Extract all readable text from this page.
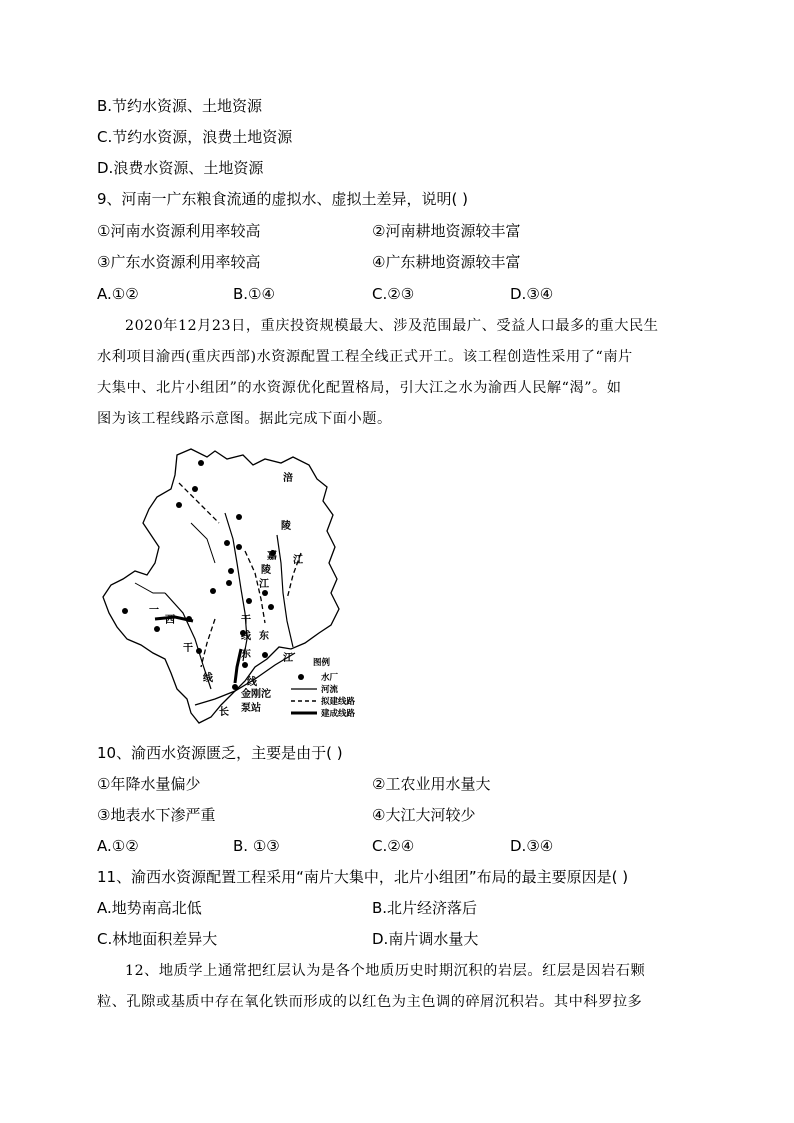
B.节约水资源、土地资源
C.节约水资源，浪费土地资源
D.浪费水资源、土地资源
9、河南一广东粮食流通的虚拟水、虚拟土差异，说明( )
①河南水资源利用率较高	②河南耕地资源较丰富
③广东水资源利用率较高	④广东耕地资源较丰富
A.①②	B.①④	C.②③	D.③④
2020年12月23日，重庆投资规模最大、涉及范围最广、受益人口最多的重大民生
水利项目渝西(重庆西部)水资源配置工程全线正式开工。该工程创造性采用了“南片
大集中、北片小组团”的水资源优化配置格局，引大江之水为渝西人民解“渴”。如
图为该工程线路示意图。据此完成下面小题。
涪
陵
江
嘉
陵
江
干
线 东
江
西
干
线
一
长
东
线
金刚沱
泵站
图例
水厂
河流
拟建线路
建成线路
10、渝西水资源匮乏，主要是由于( )
①年降水量偏少	②工农业用水量大
③地表水下渗严重	④大江大河较少
A.①②	B. ①③	C.②④	D.③④
11、渝西水资源配置工程采用“南片大集中，北片小组团”布局的最主要原因是( )
A.地势南高北低	B.北片经济落后
C.林地面积差异大	D.南片调水量大
12、地质学上通常把红层认为是各个地质历史时期沉积的岩层。红层是因岩石颗
粒、孔隙或基质中存在氧化铁而形成的以红色为主色调的碎屑沉积岩。其中科罗拉多
